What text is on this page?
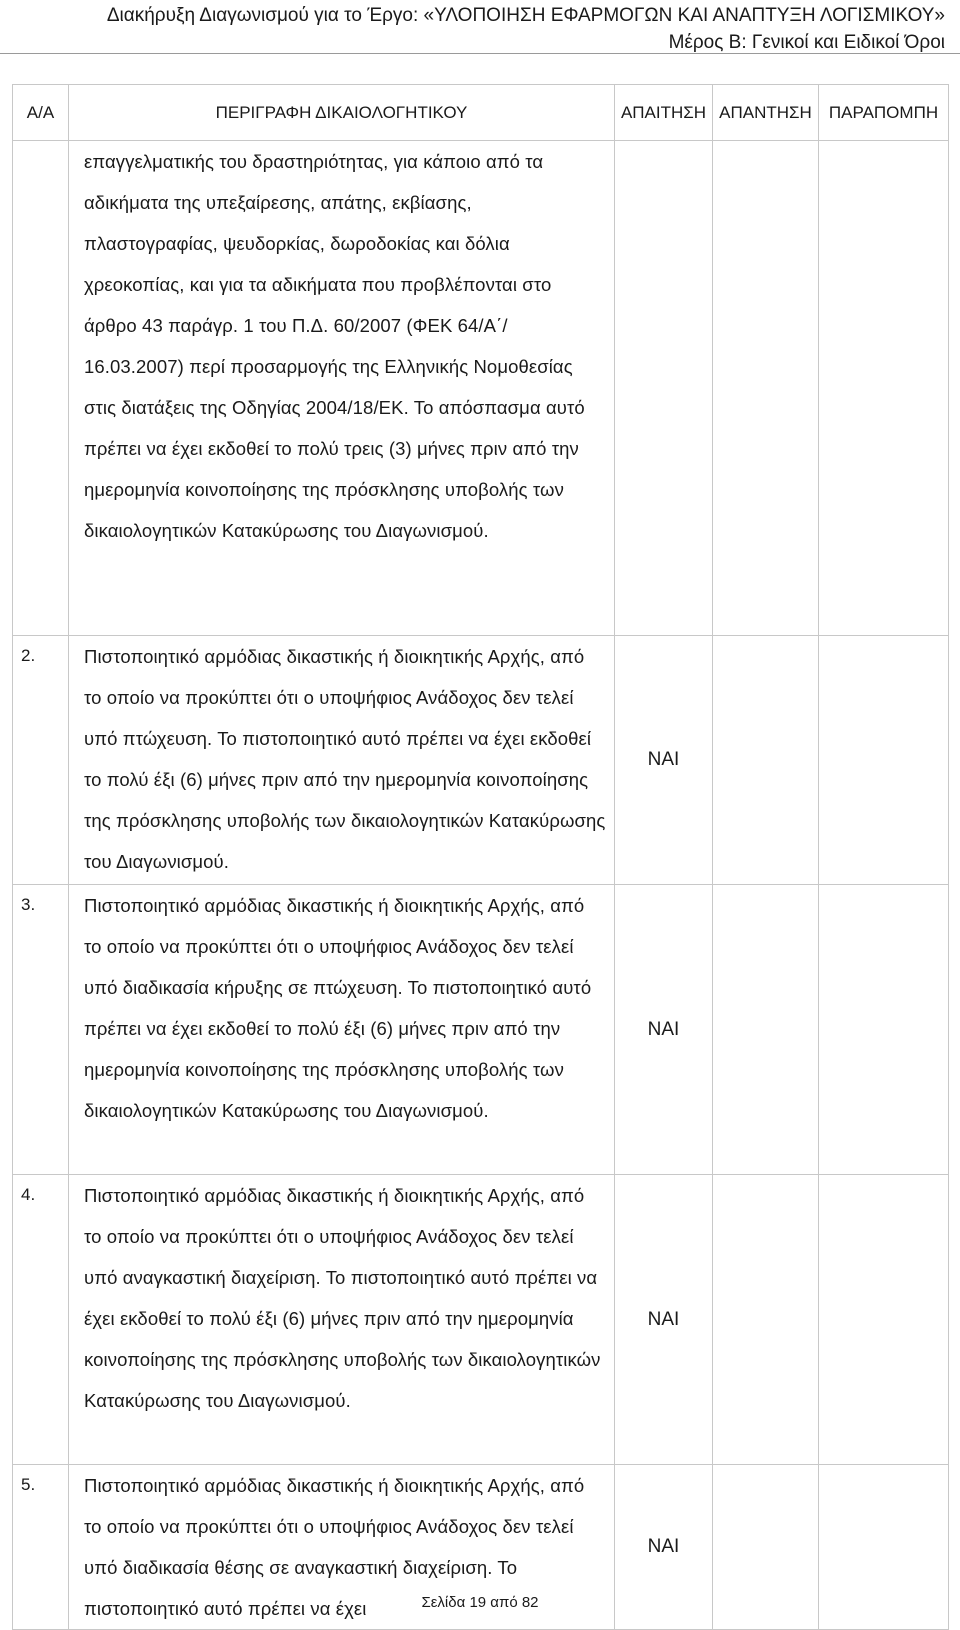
Διακήρυξη Διαγωνισμού για το Έργο: «ΥΛΟΠΟΙΗΣΗ ΕΦΑΡΜΟΓΩΝ ΚΑΙ ΑΝΑΠΤΥΞΗ ΛΟΓΙΣΜΙΚΟΥ»
Μέρος Β: Γενικοί και Ειδικοί Όροι
Α/Α	ΠΕΡΙΓΡΑΦΗ ΔΙΚΑΙΟΛΟΓΗΤΙΚΟΥ	ΑΠΑΙΤΗΣΗ	ΑΠΑΝΤΗΣΗ	ΠΑΡΑΠΟΜΠΗ
	επαγγελματικής του δραστηριότητας, για κάποιο από τα αδικήματα της υπεξαίρεσης, απάτης, εκβίασης, πλαστογραφίας, ψευδορκίας, δωροδοκίας και δόλια χρεοκοπίας, και για τα αδικήματα που προβλέπονται στο άρθρο 43 παράγρ. 1 του Π.Δ. 60/2007 (ΦΕΚ 64/Α΄/ 16.03.2007) περί προσαρμογής της Ελληνικής Νομοθεσίας στις διατάξεις της Οδηγίας 2004/18/ΕΚ. Το απόσπασμα αυτό πρέπει να έχει εκδοθεί το πολύ τρεις (3) μήνες πριν από την ημερομηνία κοινοποίησης της πρόσκλησης υποβολής των δικαιολογητικών Κατακύρωσης του Διαγωνισμού.			
2.	Πιστοποιητικό αρμόδιας δικαστικής ή διοικητικής Αρχής, από το οποίο να προκύπτει ότι ο υποψήφιος Ανάδοχος δεν τελεί υπό πτώχευση. Το πιστοποιητικό αυτό πρέπει να έχει εκδοθεί το πολύ έξι (6) μήνες πριν από την ημερομηνία κοινοποίησης της πρόσκλησης υποβολής των δικαιολογητικών Κατακύρωσης του Διαγωνισμού.	ΝΑΙ		
3.	Πιστοποιητικό αρμόδιας δικαστικής ή διοικητικής Αρχής, από το οποίο να προκύπτει ότι ο υποψήφιος Ανάδοχος δεν τελεί υπό διαδικασία κήρυξης σε πτώχευση. Το πιστοποιητικό αυτό πρέπει να έχει εκδοθεί το πολύ έξι (6) μήνες πριν από την ημερομηνία κοινοποίησης της πρόσκλησης υποβολής των δικαιολογητικών Κατακύρωσης του Διαγωνισμού.	ΝΑΙ		
4.	Πιστοποιητικό αρμόδιας δικαστικής ή διοικητικής Αρχής, από το οποίο να προκύπτει ότι ο υποψήφιος Ανάδοχος δεν τελεί υπό αναγκαστική διαχείριση. Το πιστοποιητικό αυτό πρέπει να έχει εκδοθεί το πολύ έξι (6) μήνες πριν από την ημερομηνία κοινοποίησης της πρόσκλησης υποβολής των δικαιολογητικών Κατακύρωσης του Διαγωνισμού.	ΝΑΙ		
5.	Πιστοποιητικό αρμόδιας δικαστικής ή διοικητικής Αρχής, από το οποίο να προκύπτει ότι ο υποψήφιος Ανάδοχος δεν τελεί υπό διαδικασία θέσης σε αναγκαστική διαχείριση. Το πιστοποιητικό αυτό πρέπει να έχει	ΝΑΙ		
Σελίδα 19 από 82
